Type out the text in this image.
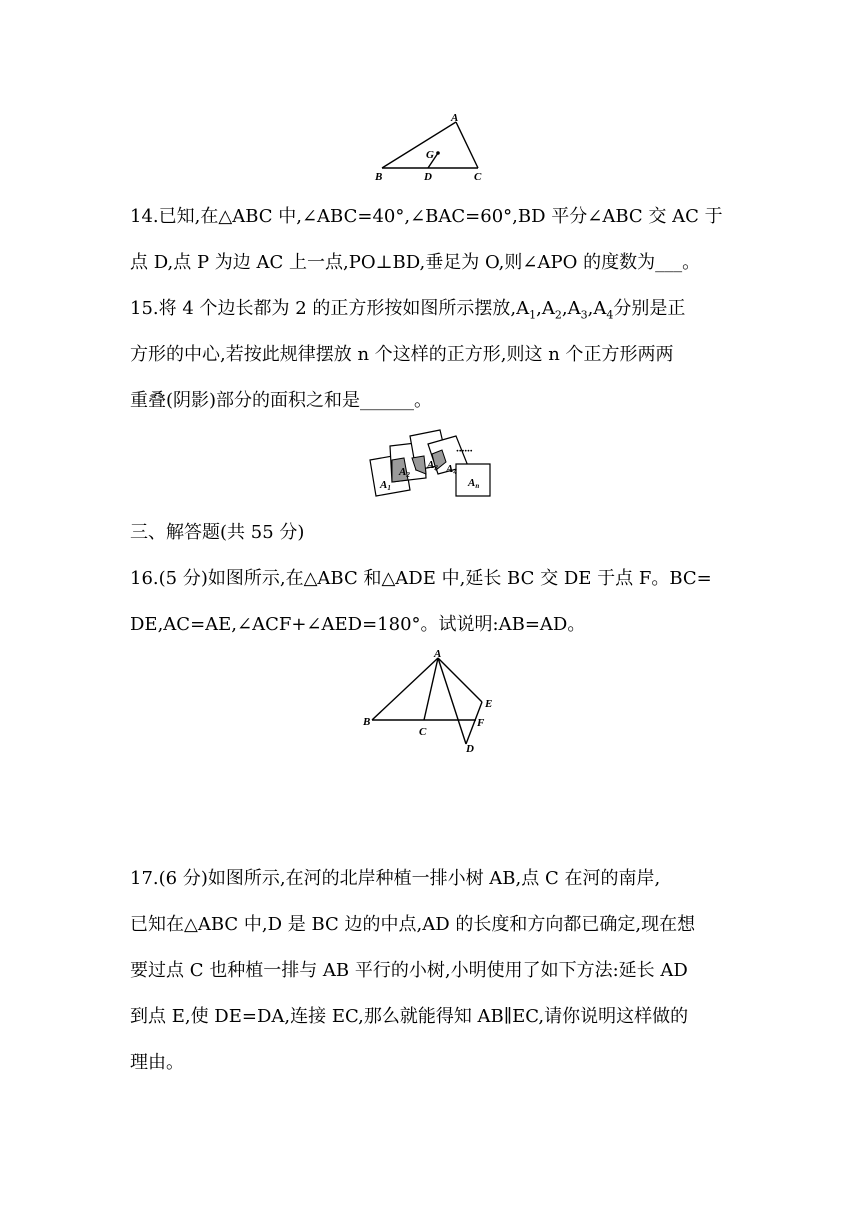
A
G
B	D	C
14.已知,在△ABC 中,∠ABC=40°,∠BAC=60°,BD 平分∠ABC 交 AC 于
点 D,点 P 为边 AC 上一点,PO⊥BD,垂足为 O,则∠APO 的度数为___。
15.将 4 个边长都为 2 的正方形按如图所示摆放$,A_1,A_2,A_3,A_4$分别是正
方形的中心,若按此规律摆放 n 个这样的正方形,则这 n 个正方形两两
重叠(阴影)部分的面积之和是______。
A1
A2
A3 A4
An
······
三、解答题(共 55 分)
16.(5 分)如图所示,在△ABC 和△ADE 中,延长 BC 交 DE 于点 F。BC=
DE,AC=AE,∠ACF+∠AED=180°。试说明:AB=AD。
A
E
B	F
C
D
17.(6 分)如图所示,在河的北岸种植一排小树 AB,点 C 在河的南岸,
已知在△ABC 中,D 是 BC 边的中点,AD 的长度和方向都已确定,现在想
要过点 C 也种植一排与 AB 平行的小树,小明使用了如下方法:延长 AD
到点 E,使 DE=DA,连接 EC,那么就能得知 AB∥EC,请你说明这样做的
理由。
